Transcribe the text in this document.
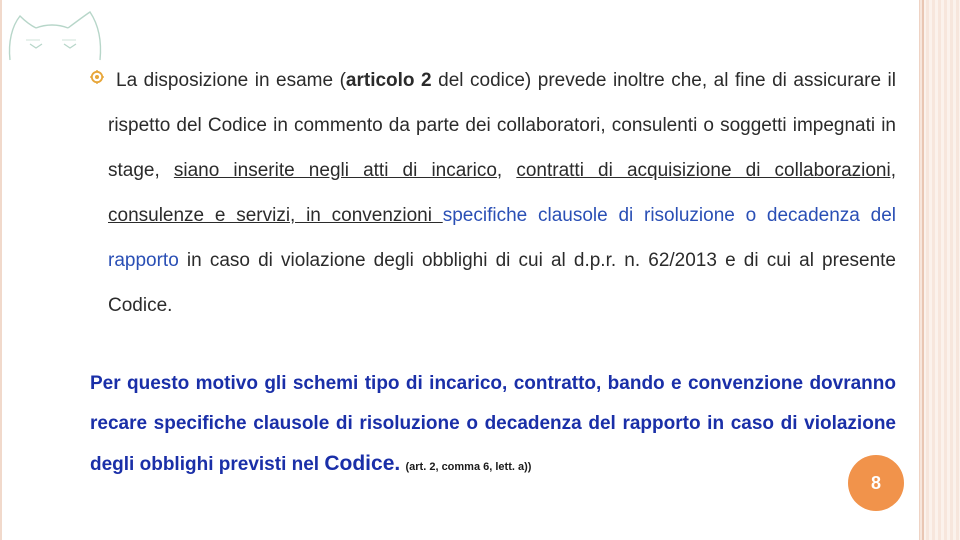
La disposizione in esame (articolo 2 del codice) prevede inoltre che, al fine di assicurare il rispetto del Codice in commento da parte dei collaboratori, consulenti o soggetti impegnati in stage, siano inserite negli atti di incarico, contratti di acquisizione di collaborazioni, consulenze e servizi, in convenzioni specifiche clausole di risoluzione o decadenza del rapporto in caso di violazione degli obblighi di cui al d.p.r. n. 62/2013 e di cui al presente Codice.
Per questo motivo gli schemi tipo di incarico, contratto, bando e convenzione dovranno recare specifiche clausole di risoluzione o decadenza del rapporto in caso di violazione degli obblighi previsti nel Codice. (art. 2, comma 6, lett. a))
8
